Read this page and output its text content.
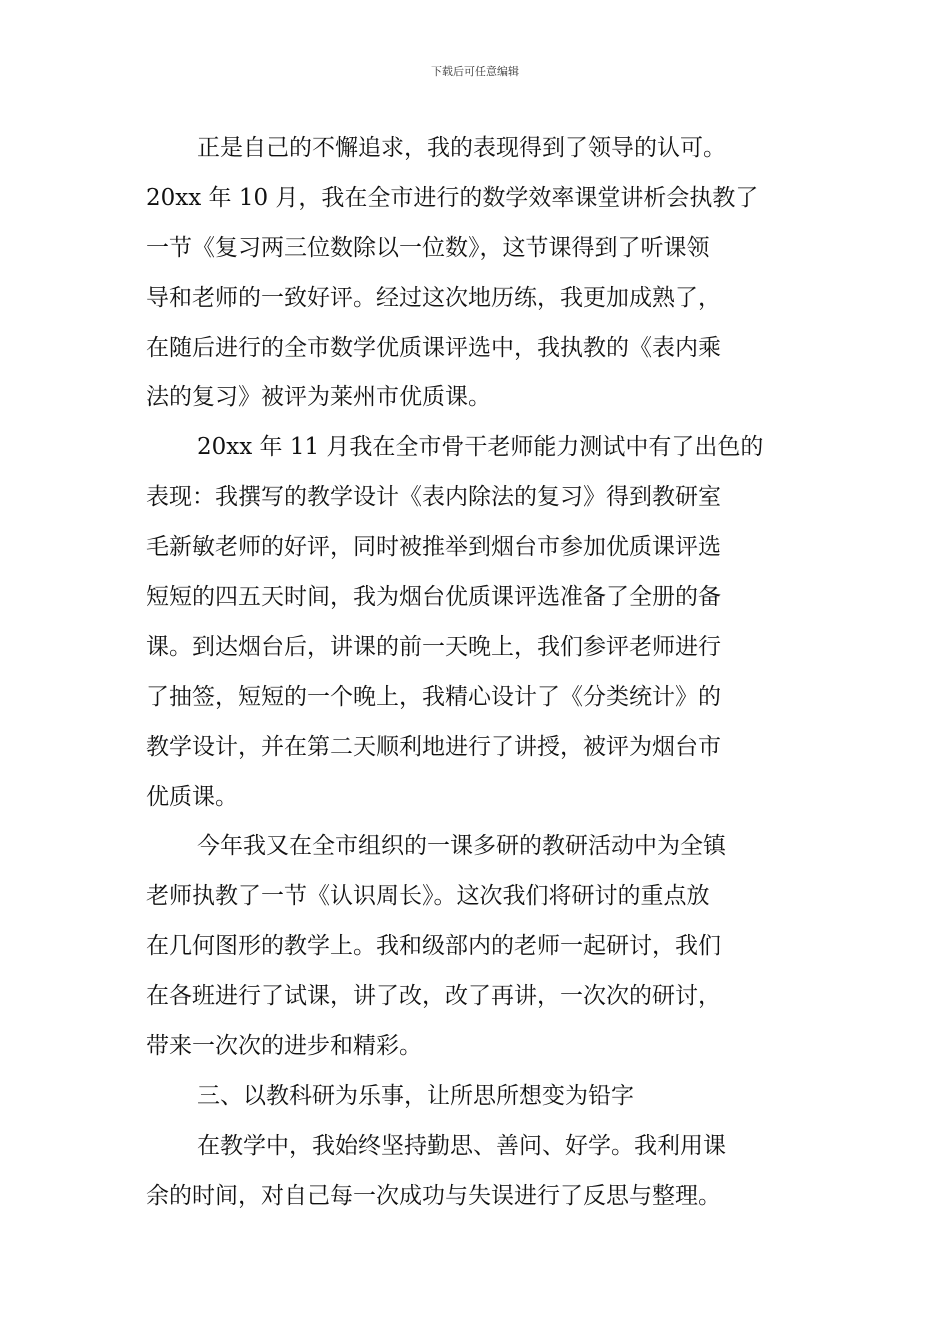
下载后可任意编辑
正是自己的不懈追求，我的表现得到了领导的认可。
20xx 年 10 月，我在全市进行的数学效率课堂讲析会执教了
一节《复习两三位数除以一位数》，这节课得到了听课领
导和老师的一致好评。经过这次地历练，我更加成熟了，
在随后进行的全市数学优质课评选中，我执教的《表内乘
法的复习》被评为莱州市优质课。
20xx 年 11 月我在全市骨干老师能力测试中有了出色的
表现：我撰写的教学设计《表内除法的复习》得到教研室
毛新敏老师的好评，同时被推举到烟台市参加优质课评选
短短的四五天时间，我为烟台优质课评选准备了全册的备
课。到达烟台后，讲课的前一天晚上，我们参评老师进行
了抽签，短短的一个晚上，我精心设计了《分类统计》的
教学设计，并在第二天顺利地进行了讲授，被评为烟台市
优质课。
今年我又在全市组织的一课多研的教研活动中为全镇
老师执教了一节《认识周长》。这次我们将研讨的重点放
在几何图形的教学上。我和级部内的老师一起研讨，我们
在各班进行了试课，讲了改，改了再讲，一次次的研讨，
带来一次次的进步和精彩。
三、以教科研为乐事，让所思所想变为铅字
在教学中，我始终坚持勤思、善问、好学。我利用课
余的时间，对自己每一次成功与失误进行了反思与整理。
